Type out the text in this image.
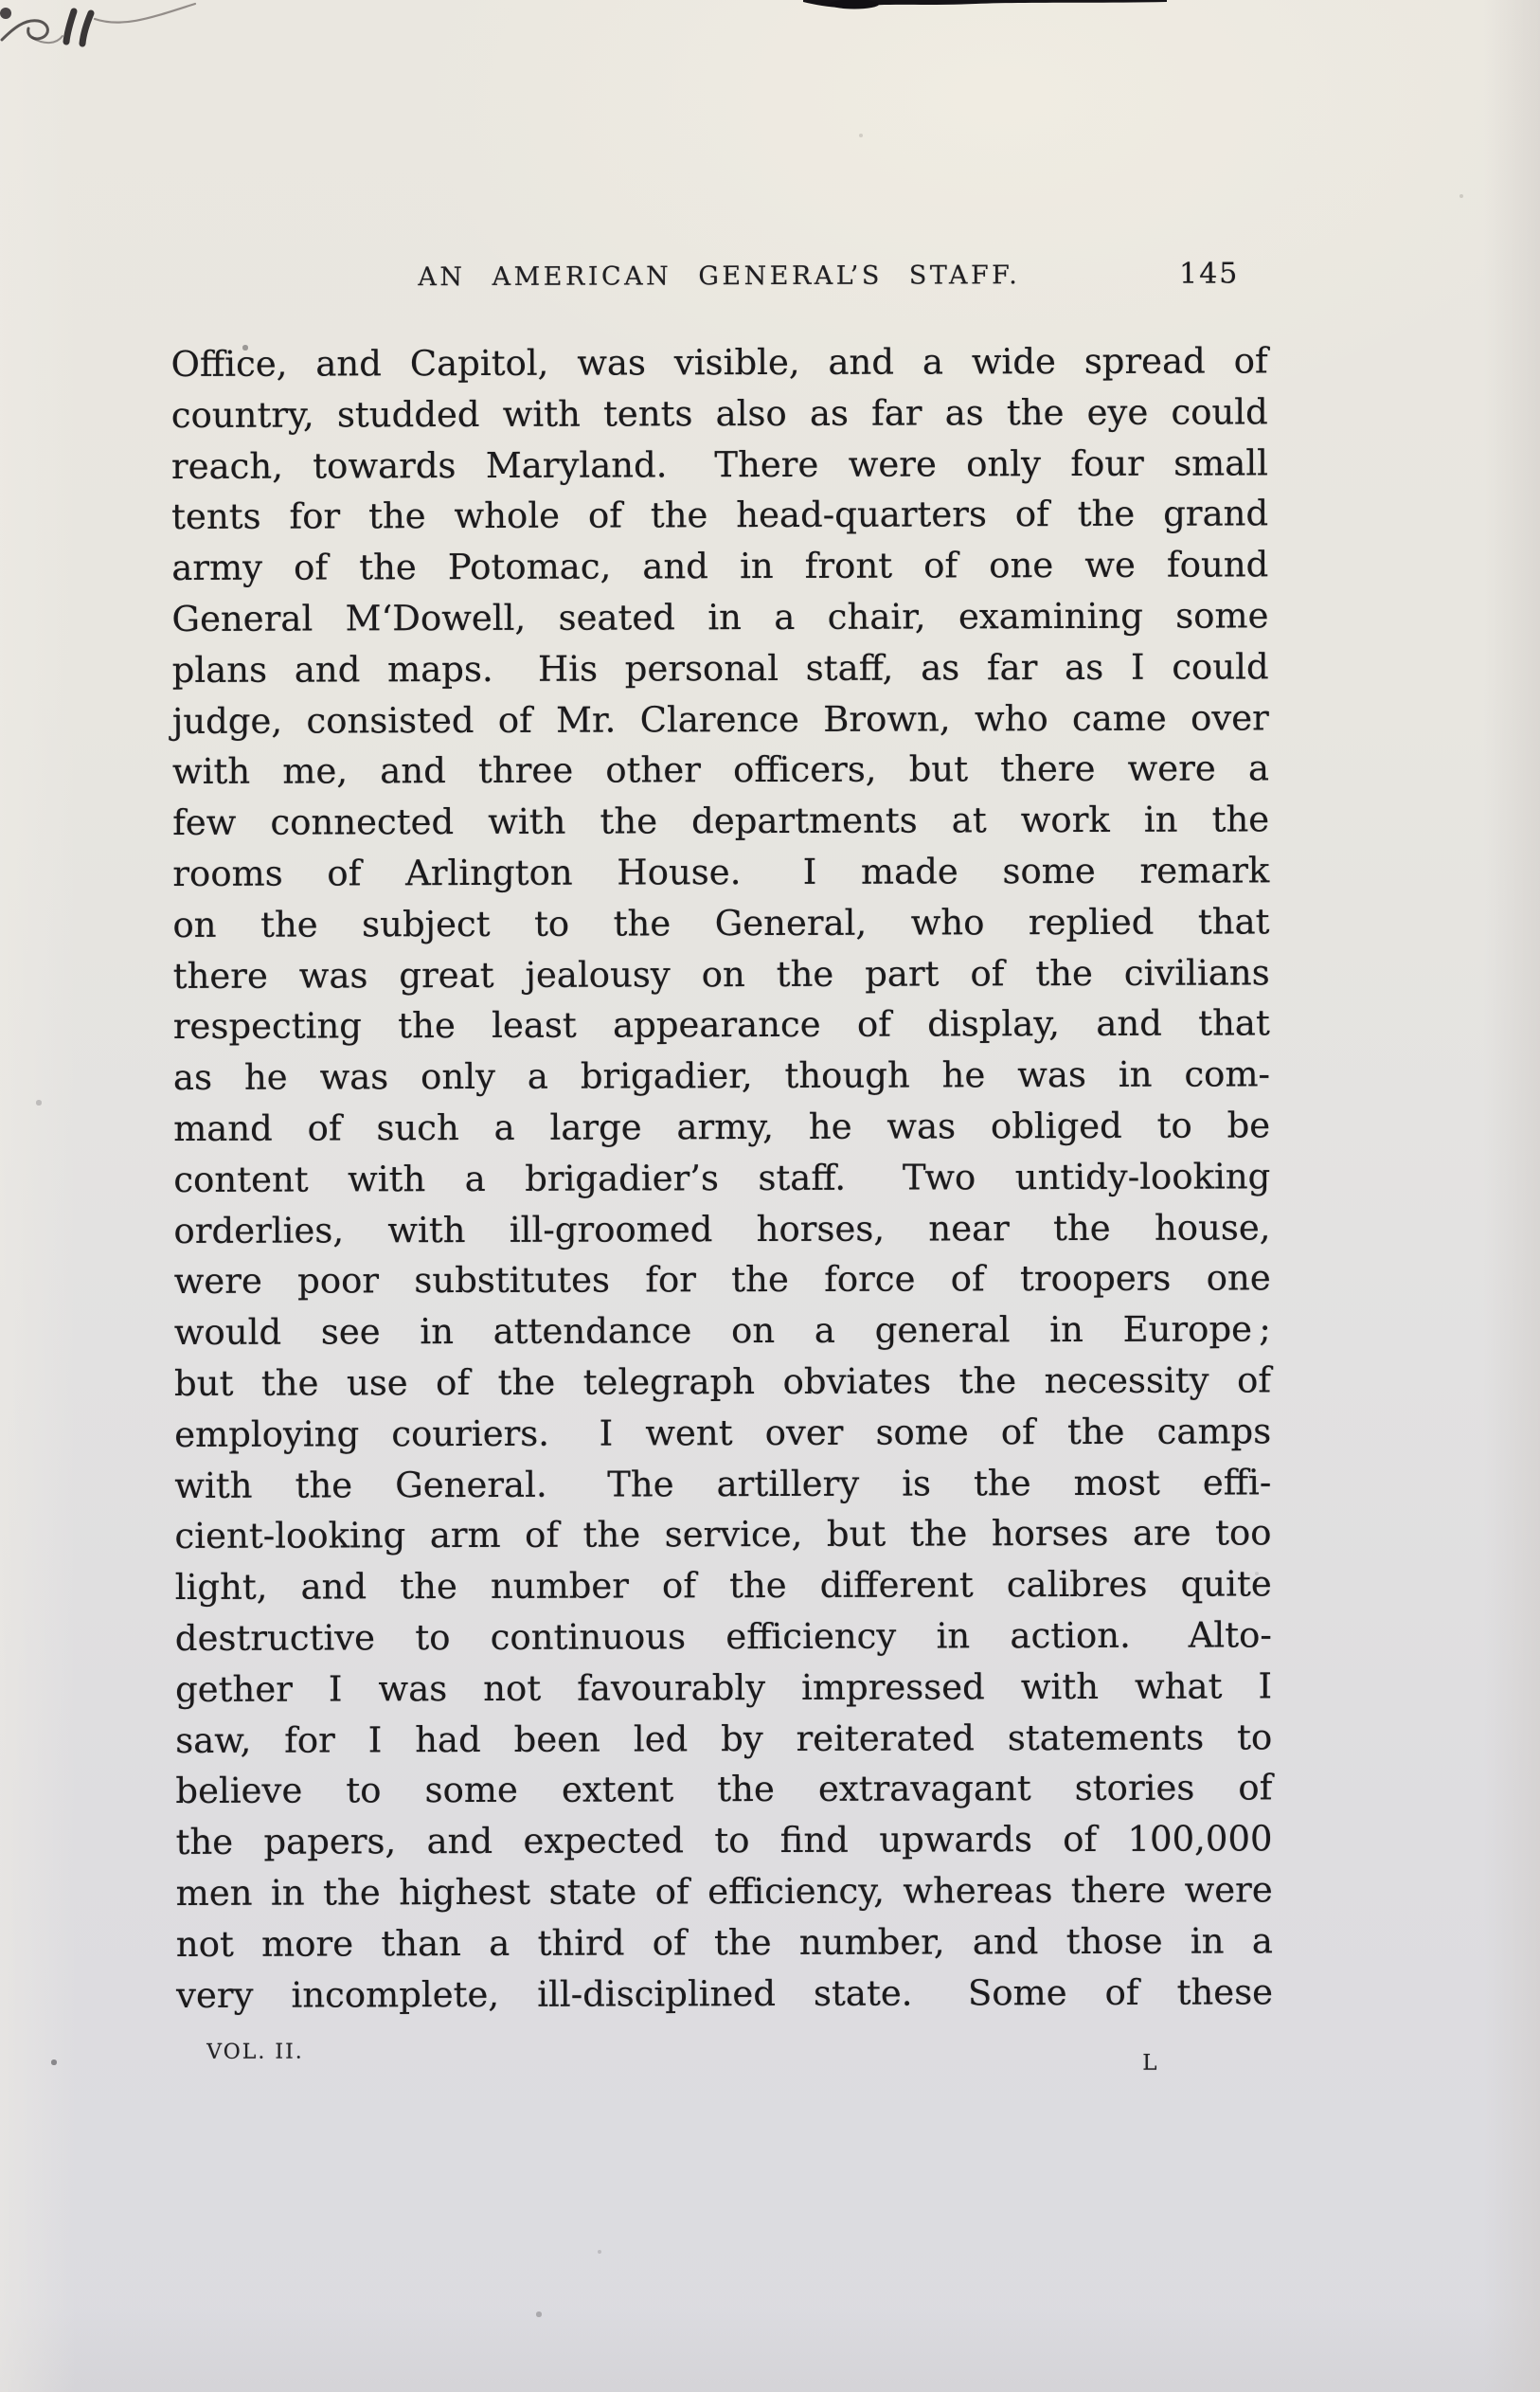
AN AMERICAN GENERAL’S STAFF.	145
Office, and Capitol, was visible, and a wide spread of
country, studded with tents also as far as the eye could
reach, towards Maryland.  There were only four small
tents for the whole of the head-quarters of the grand
army of the Potomac, and in front of one we found
General M‘Dowell, seated in a chair, examining some
plans and maps.  His personal staff, as far as I could
judge, consisted of Mr. Clarence Brown, who came over
with me, and three other officers, but there were a
few connected with the departments at work in the
rooms of Arlington House.  I made some remark
on the subject to the General, who replied that
there was great jealousy on the part of the civilians
respecting the least appearance of display, and that
as he was only a brigadier, though he was in com-
mand of such a large army, he was obliged to be
content with a brigadier’s staff.  Two untidy-looking
orderlies, with ill-groomed horses, near the house,
were poor substitutes for the force of troopers one
would see in attendance on a general in Europe ;
but the use of the telegraph obviates the necessity of
employing couriers.  I went over some of the camps
with the General.  The artillery is the most effi-
cient-looking arm of the service, but the horses are too
light, and the number of the different calibres quite
destructive to continuous efficiency in action.  Alto-
gether I was not favourably impressed with what I
saw, for I had been led by reiterated statements to
believe to some extent the extravagant stories of
the papers, and expected to find upwards of 100,000
men in the highest state of efficiency, whereas there were
not more than a third of the number, and those in a
very incomplete, ill-disciplined state.  Some of these
VOL. II.	L
